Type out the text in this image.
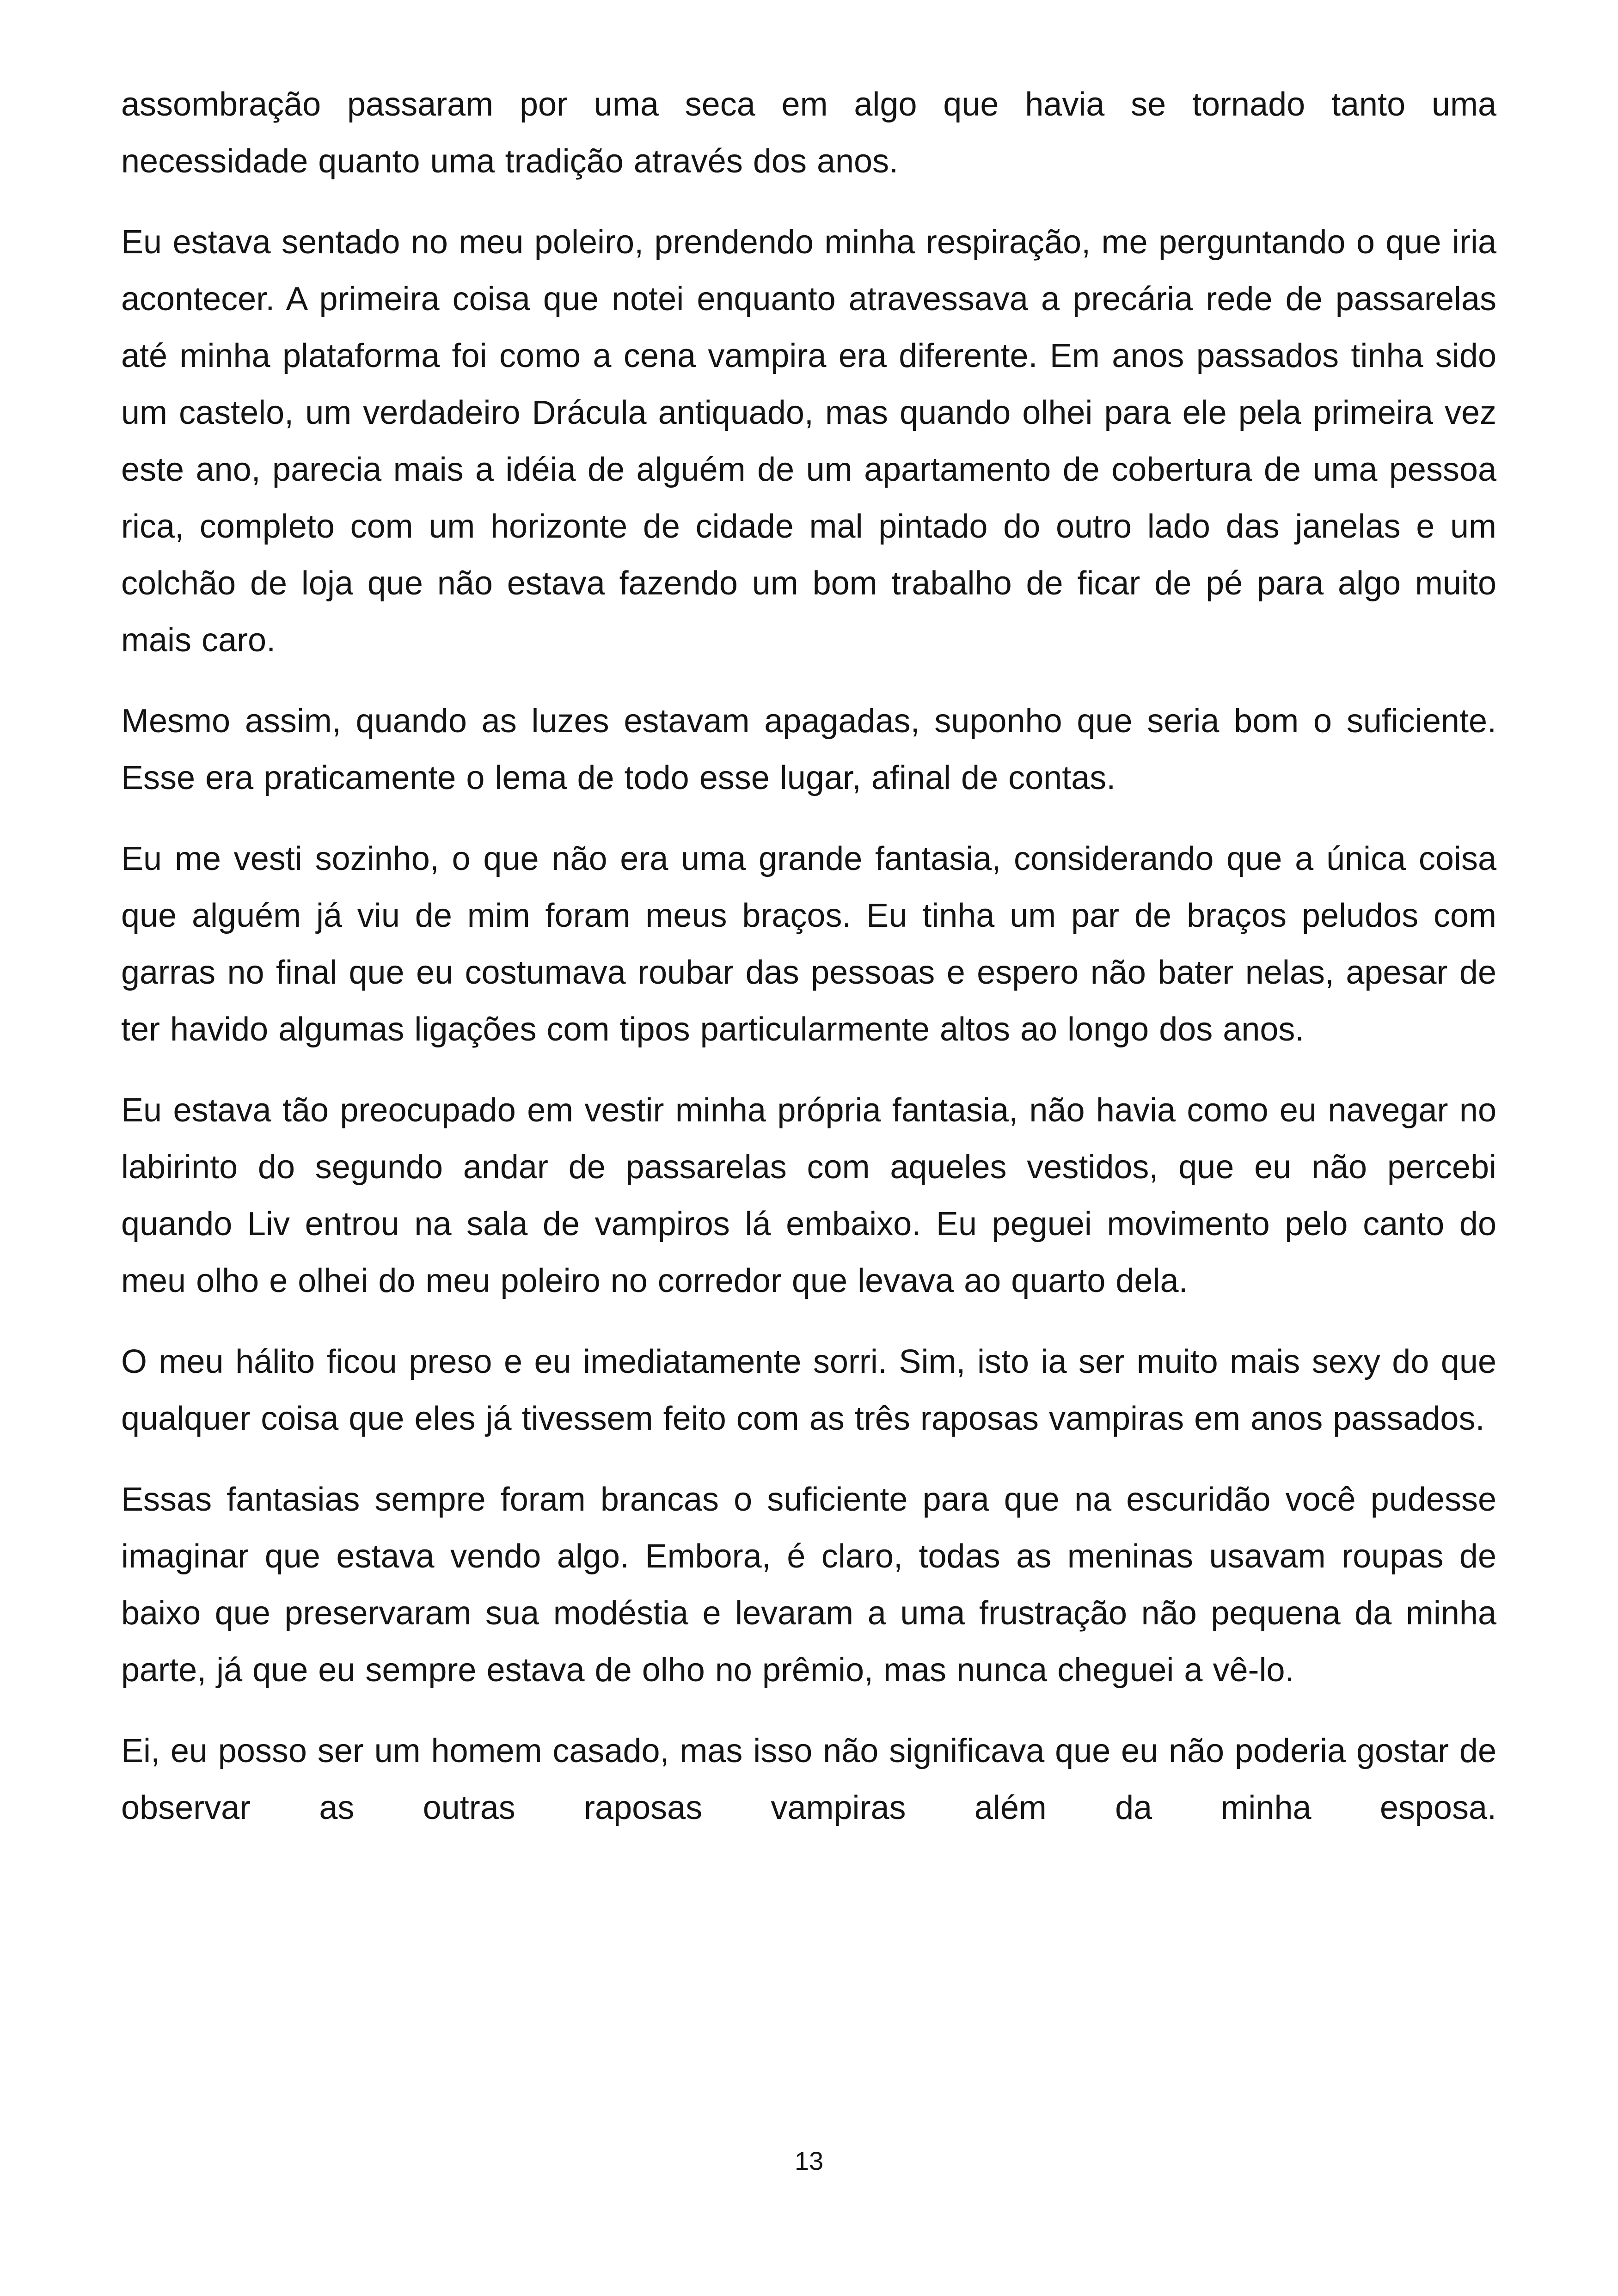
assombração passaram por uma seca em algo que havia se tornado tanto uma necessidade quanto uma tradição através dos anos.

Eu estava sentado no meu poleiro, prendendo minha respiração, me perguntando o que iria acontecer. A primeira coisa que notei enquanto atravessava a precária rede de passarelas até minha plataforma foi como a cena vampira era diferente. Em anos passados tinha sido um castelo, um verdadeiro Drácula antiquado, mas quando olhei para ele pela primeira vez este ano, parecia mais a idéia de alguém de um apartamento de cobertura de uma pessoa rica, completo com um horizonte de cidade mal pintado do outro lado das janelas e um colchão de loja que não estava fazendo um bom trabalho de ficar de pé para algo muito mais caro.

Mesmo assim, quando as luzes estavam apagadas, suponho que seria bom o suficiente. Esse era praticamente o lema de todo esse lugar, afinal de contas.

Eu me vesti sozinho, o que não era uma grande fantasia, considerando que a única coisa que alguém já viu de mim foram meus braços. Eu tinha um par de braços peludos com garras no final que eu costumava roubar das pessoas e espero não bater nelas, apesar de ter havido algumas ligações com tipos particularmente altos ao longo dos anos.

Eu estava tão preocupado em vestir minha própria fantasia, não havia como eu navegar no labirinto do segundo andar de passarelas com aqueles vestidos, que eu não percebi quando Liv entrou na sala de vampiros lá embaixo. Eu peguei movimento pelo canto do meu olho e olhei do meu poleiro no corredor que levava ao quarto dela.

O meu hálito ficou preso e eu imediatamente sorri. Sim, isto ia ser muito mais sexy do que qualquer coisa que eles já tivessem feito com as três raposas vampiras em anos passados.

Essas fantasias sempre foram brancas o suficiente para que na escuridão você pudesse imaginar que estava vendo algo. Embora, é claro, todas as meninas usavam roupas de baixo que preservaram sua modéstia e levaram a uma frustração não pequena da minha parte, já que eu sempre estava de olho no prêmio, mas nunca cheguei a vê-lo.

Ei, eu posso ser um homem casado, mas isso não significava que eu não poderia gostar de observar as outras raposas vampiras além da minha esposa.

13
